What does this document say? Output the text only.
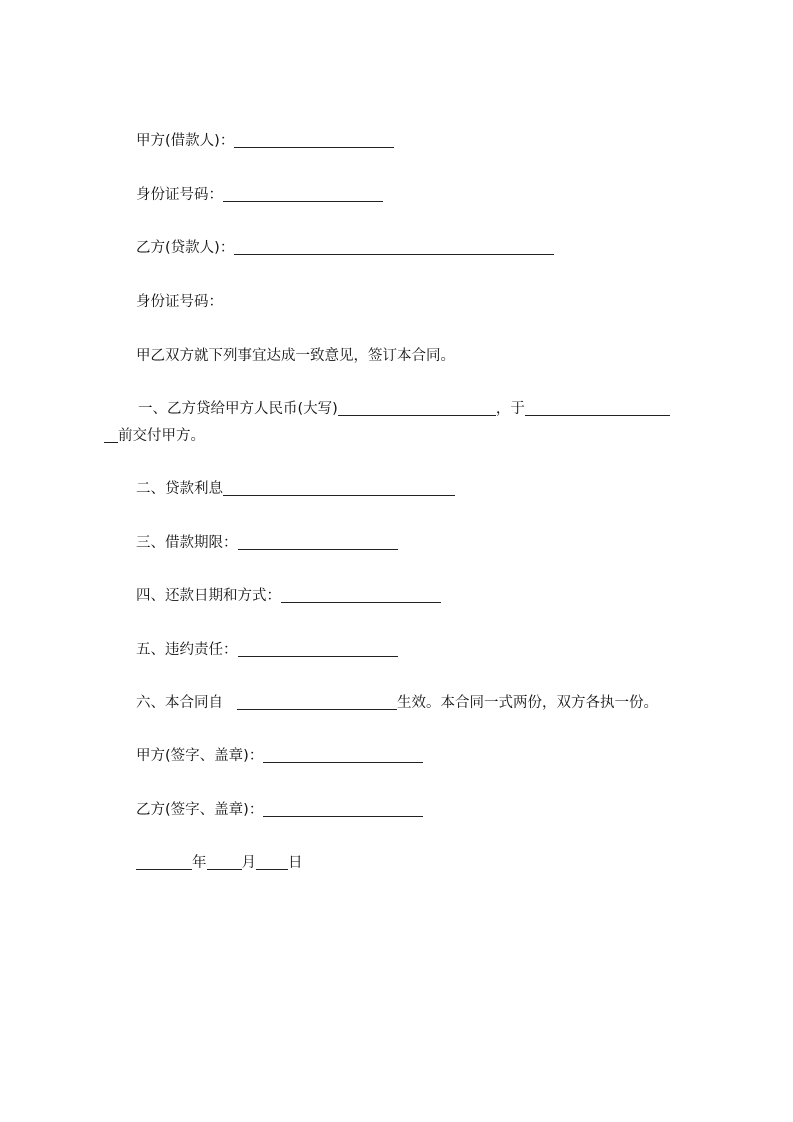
甲方(借款人)：
身份证号码：
乙方(贷款人)：
身份证号码：
甲乙双方就下列事宜达成一致意见，签订本合同。
一、乙方贷给甲方人民币(大写)	，于
前交付甲方。
二、贷款利息
三、借款期限：
四、还款日期和方式：
五、违约责任：
六、本合同自	生效。本合同一式两份，双方各执一份。
甲方(签字、盖章)：
乙方(签字、盖章)：
年 月 日
